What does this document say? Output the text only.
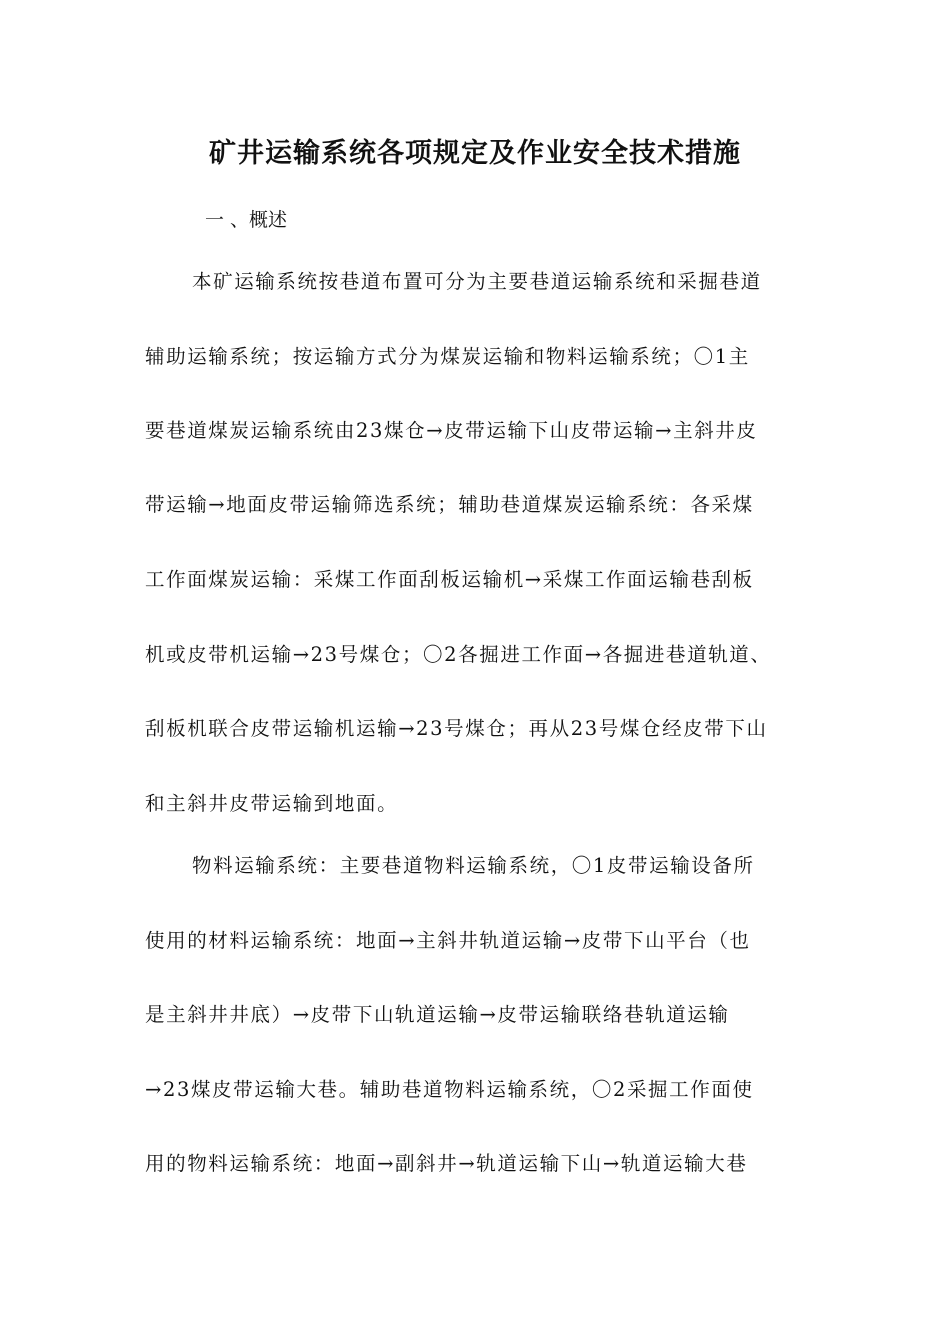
矿井运输系统各项规定及作业安全技术措施

一 、概述

本矿运输系统按巷道布置可分为主要巷道运输系统和采掘巷道

辅助运输系统；按运输方式分为煤炭运输和物料运输系统；〇1主

要巷道煤炭运输系统由23煤仓→皮带运输下山皮带运输→主斜井皮

带运输→地面皮带运输筛选系统；辅助巷道煤炭运输系统：各采煤

工作面煤炭运输：采煤工作面刮板运输机→采煤工作面运输巷刮板

机或皮带机运输→23号煤仓；〇2各掘进工作面→各掘进巷道轨道、

刮板机联合皮带运输机运输→23号煤仓；再从23号煤仓经皮带下山

和主斜井皮带运输到地面。

物料运输系统：主要巷道物料运输系统，〇1皮带运输设备所

使用的材料运输系统：地面→主斜井轨道运输→皮带下山平台（也

是主斜井井底）→皮带下山轨道运输→皮带运输联络巷轨道运输

→23煤皮带运输大巷。辅助巷道物料运输系统，〇2采掘工作面使

用的物料运输系统：地面→副斜井→轨道运输下山→轨道运输大巷
